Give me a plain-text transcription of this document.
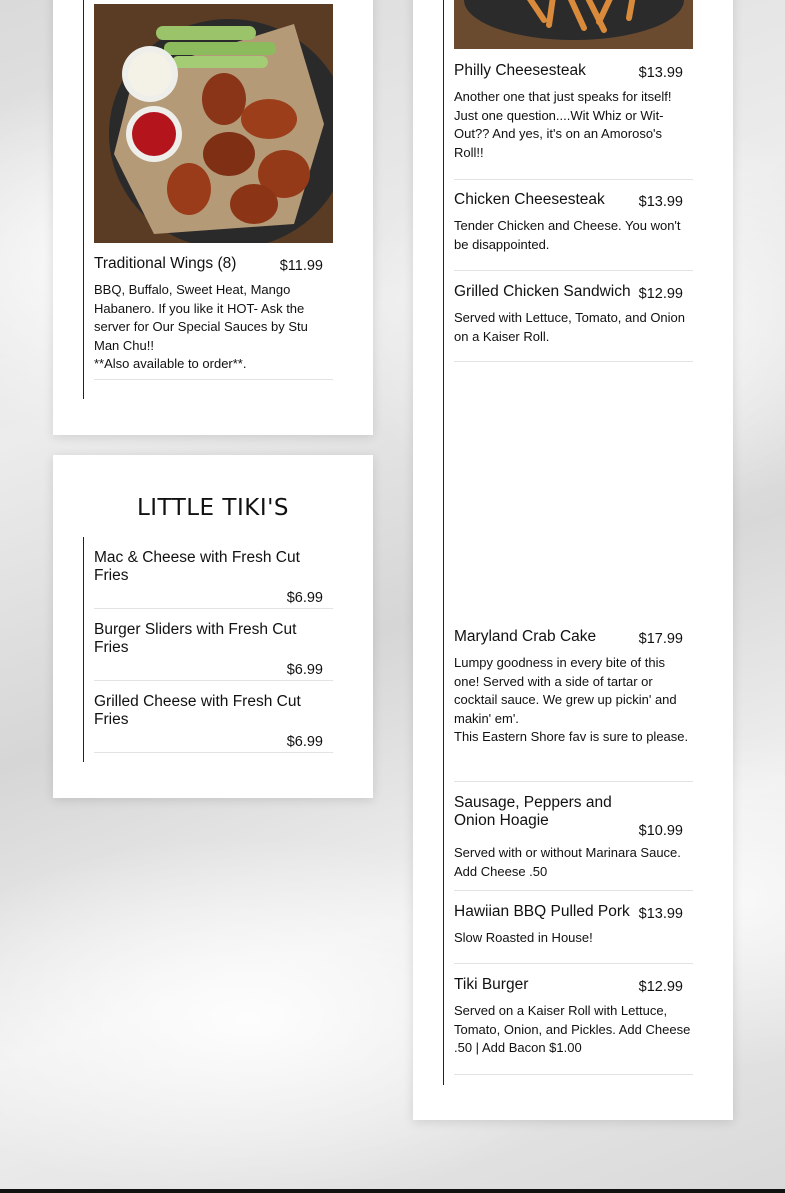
Traditional Wings (8)	$11.99
BBQ, Buffalo, Sweet Heat, Mango Habanero. If you like it HOT- Ask the server for Our Special Sauces by Stu Man Chu!!
**Also available to order**.
LITTLE TIKI'S
Mac & Cheese with Fresh Cut Fries
$6.99
Burger Sliders with Fresh Cut Fries
$6.99
Grilled Cheese with Fresh Cut Fries
$6.99
Philly Cheesesteak	$13.99
Another one that just speaks for itself! Just one question....Wit Whiz or Wit-Out?? And yes, it's on an Amoroso's Roll!!
Chicken Cheesesteak $13.99
Tender Chicken and Cheese. You won't be disappointed.
Grilled Chicken Sandwich $12.99
Served with Lettuce, Tomato, and Onion on a Kaiser Roll.
Maryland Crab Cake	$17.99
Lumpy goodness in every bite of this one! Served with a side of tartar or cocktail sauce. We grew up pickin' and makin' em'.
This Eastern Shore fav is sure to please.
Sausage, Peppers and Onion Hoagie
$10.99
Served with or without Marinara Sauce. Add Cheese .50
Hawiian BBQ Pulled Pork $13.99
Slow Roasted in House!
Tiki Burger	$12.99
Served on a Kaiser Roll with Lettuce, Tomato, Onion, and Pickles. Add Cheese .50 | Add Bacon $1.00
